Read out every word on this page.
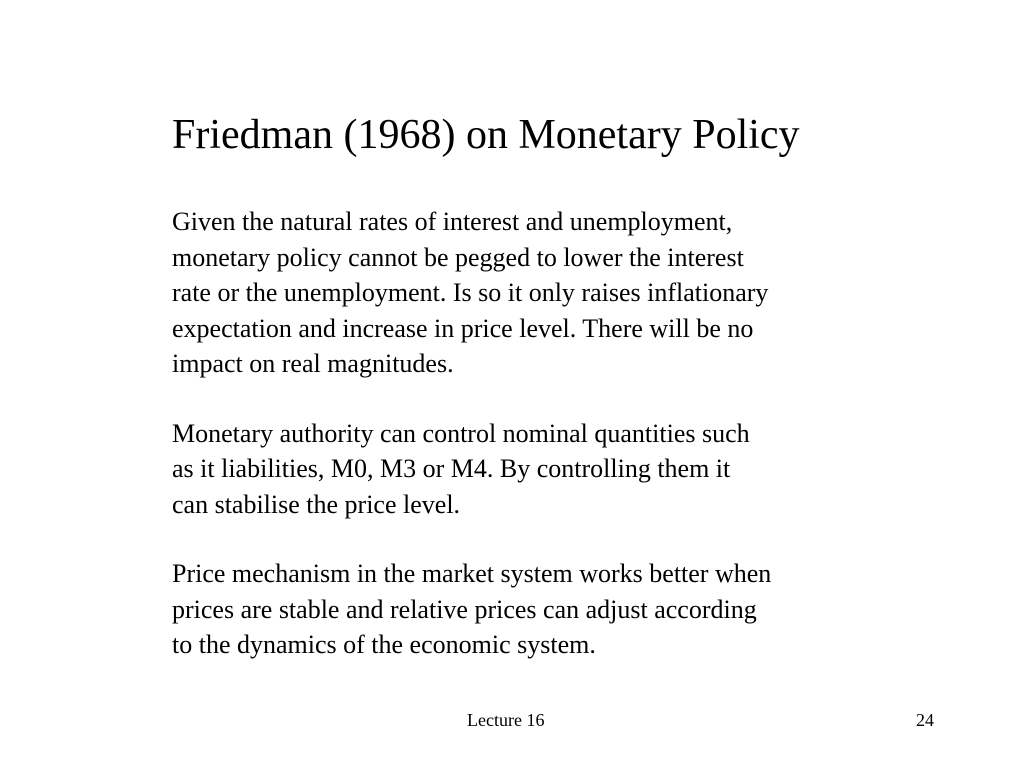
Friedman (1968) on Monetary Policy

Given the natural rates of interest and unemployment,
monetary policy cannot be pegged to lower the interest
rate or the unemployment. Is so it only raises inflationary
expectation and increase in price level. There will be no
impact on real magnitudes.

Monetary authority can control nominal quantities such
as it liabilities, M0, M3 or M4. By controlling them it
can stabilise the price level.

Price mechanism in the market system works better when
prices are stable and relative prices can adjust according
to the dynamics of the economic system.

Lecture 16	24
